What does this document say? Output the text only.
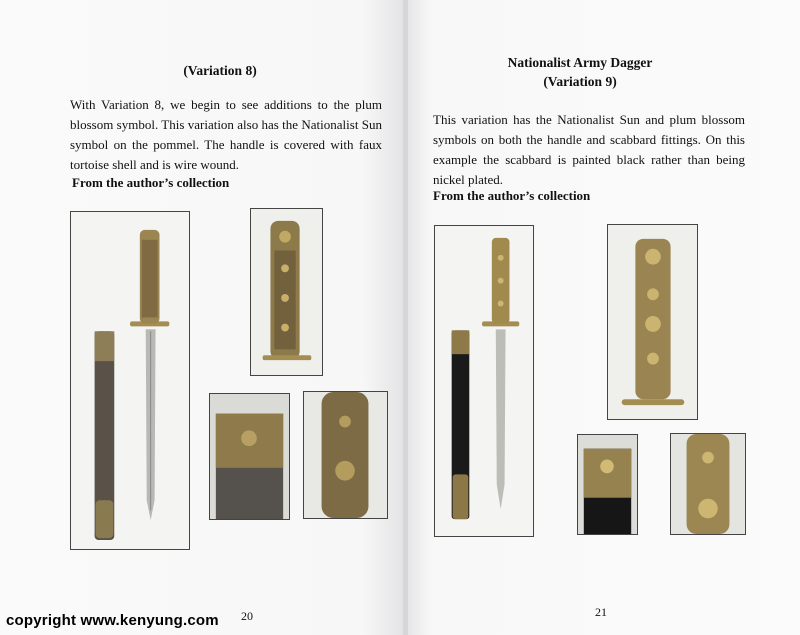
(Variation 8)
With Variation 8, we begin to see additions to the plum blossom symbol. This variation also has the Nationalist Sun symbol on the pommel. The handle is covered with faux tortoise shell and is wire wound.
From the author’s collection
20
Nationalist Army Dagger
(Variation 9)
This variation has the Nationalist Sun and plum blossom symbols on both the handle and scabbard fittings. On this example the scabbard is painted black rather than being nickel plated.
From the author’s collection
21
copyright www.kenyung.com
